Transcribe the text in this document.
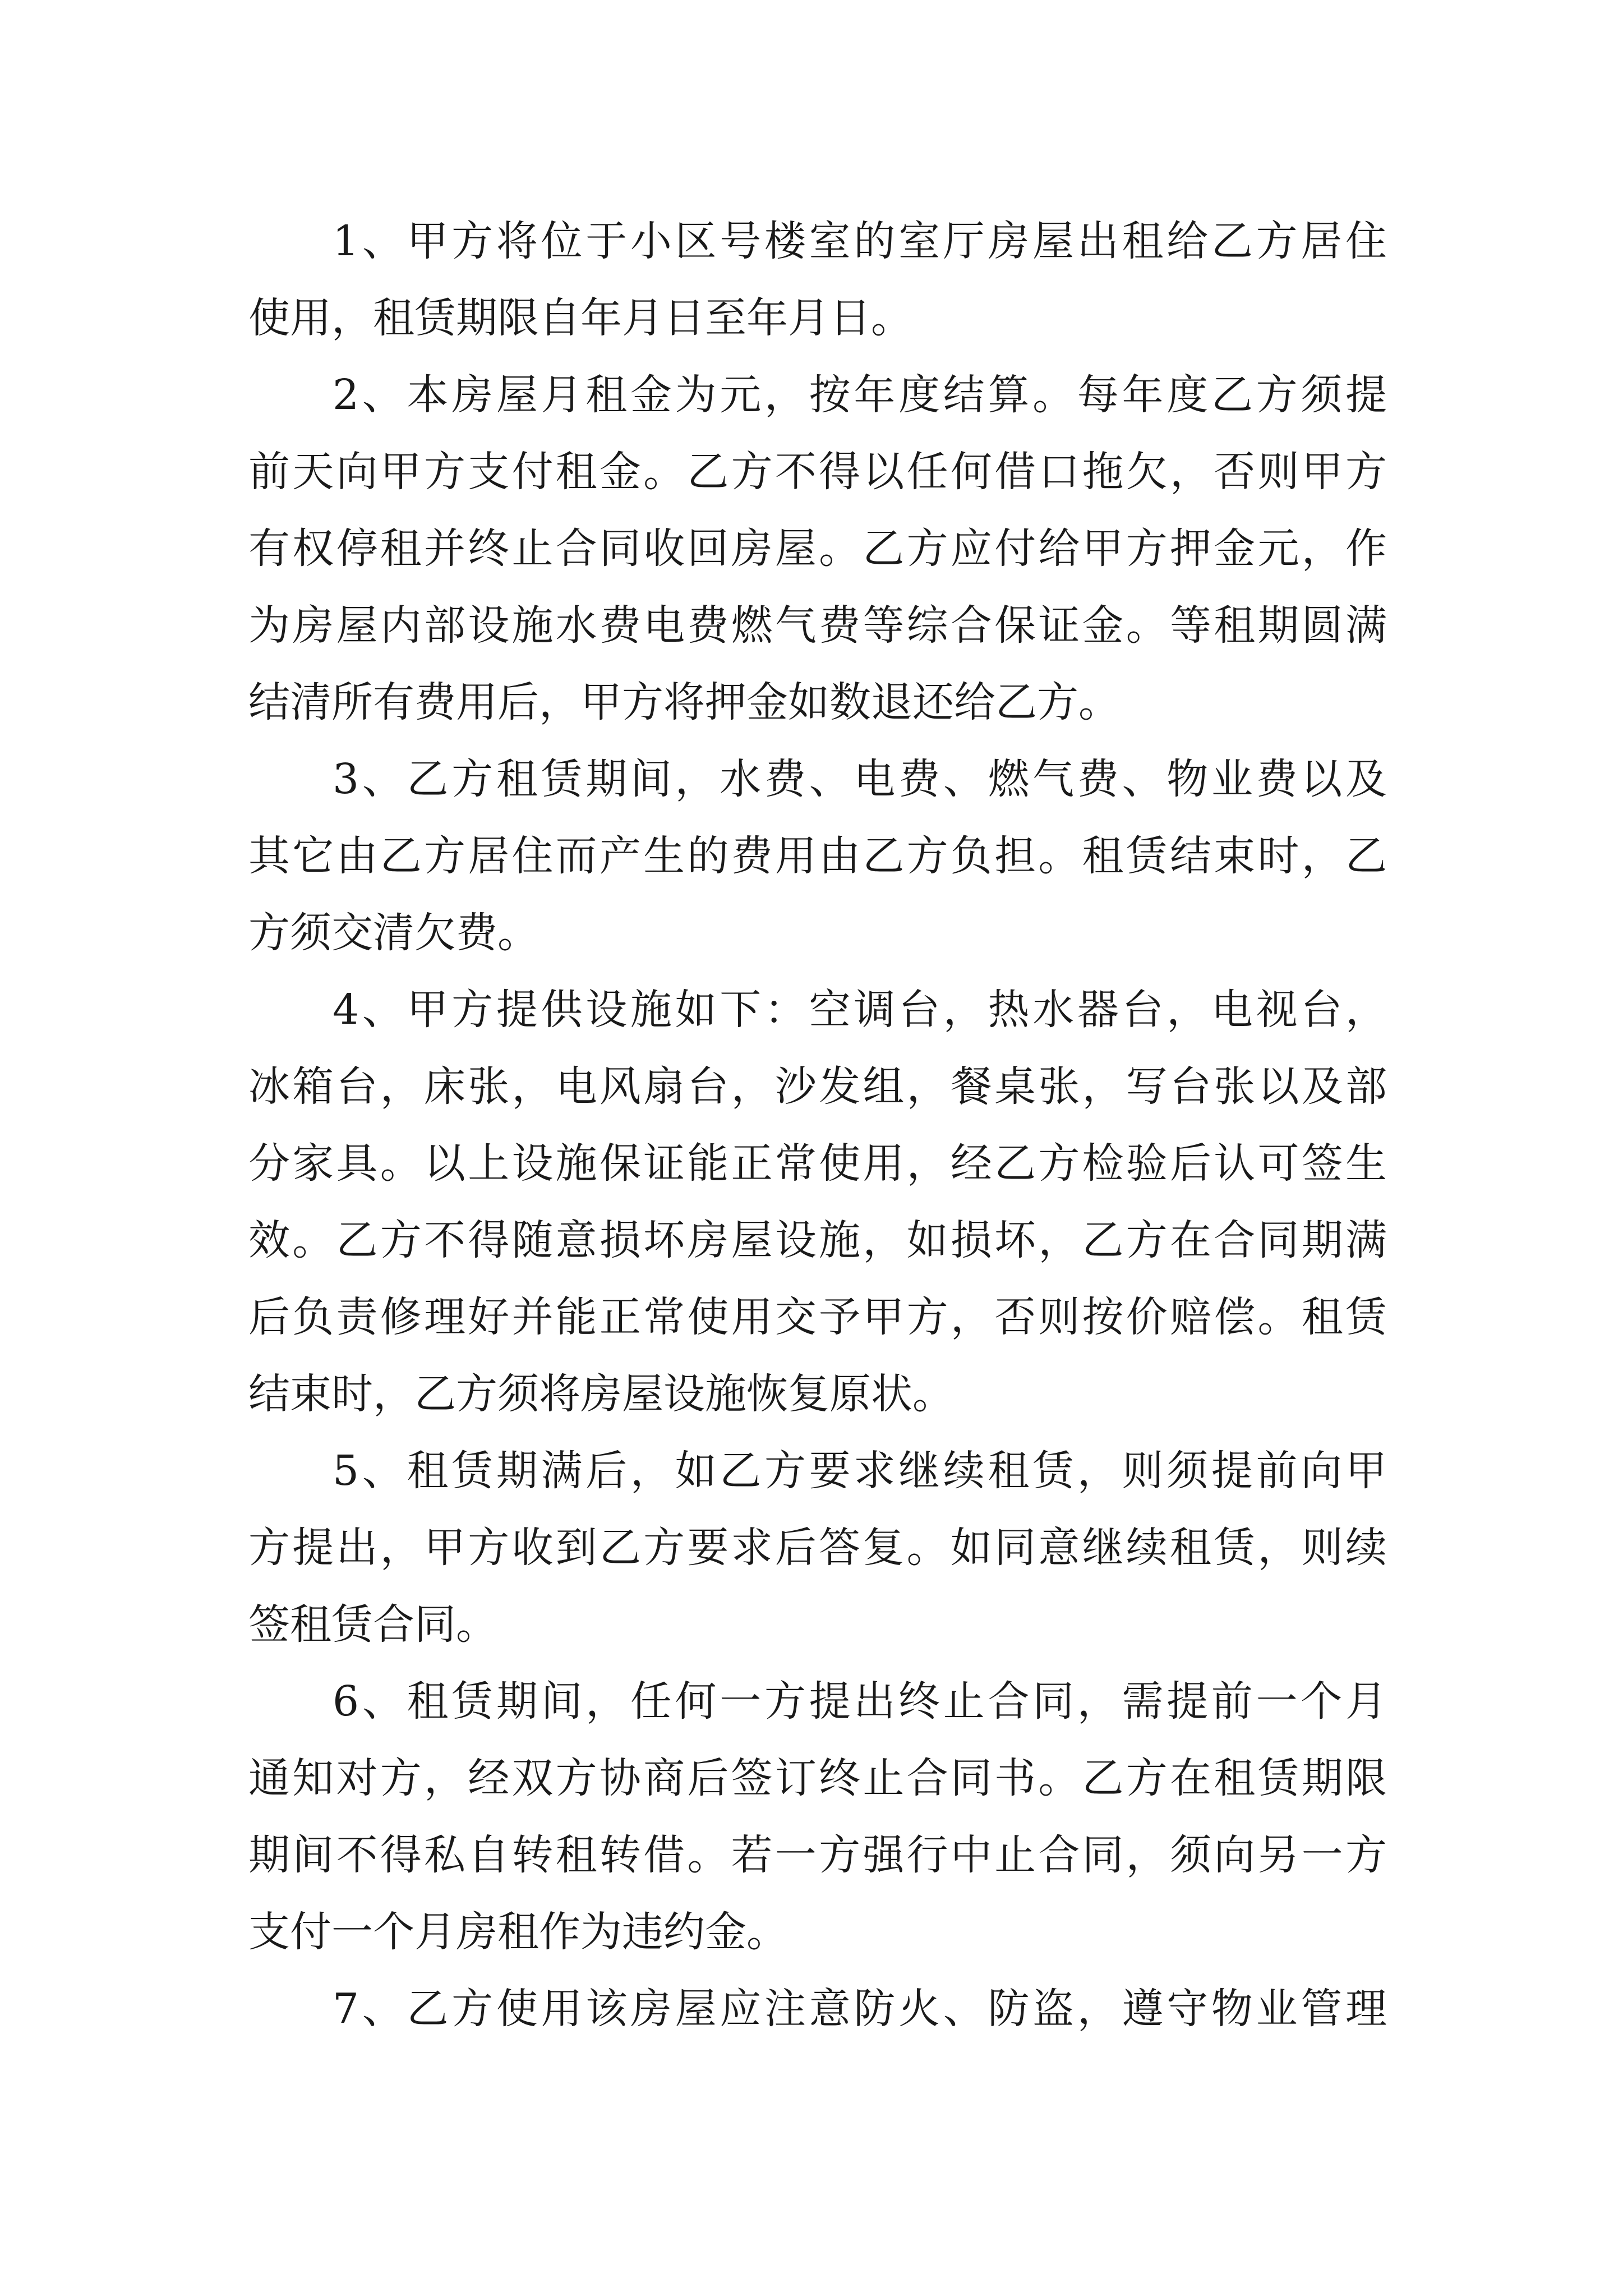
1、甲方将位于小区号楼室的室厅房屋出租给乙方居住
使用，租赁期限自年月日至年月日。
2、本房屋月租金为元，按年度结算。每年度乙方须提
前天向甲方支付租金。乙方不得以任何借口拖欠，否则甲方
有权停租并终止合同收回房屋。乙方应付给甲方押金元，作
为房屋内部设施水费电费燃气费等综合保证金。等租期圆满
结清所有费用后，甲方将押金如数退还给乙方。
3、乙方租赁期间，水费、电费、燃气费、物业费以及
其它由乙方居住而产生的费用由乙方负担。租赁结束时，乙
方须交清欠费。
4、甲方提供设施如下：空调台，热水器台，电视台，
冰箱台，床张，电风扇台，沙发组，餐桌张，写台张以及部
分家具。以上设施保证能正常使用，经乙方检验后认可签生
效。乙方不得随意损坏房屋设施，如损坏，乙方在合同期满
后负责修理好并能正常使用交予甲方，否则按价赔偿。租赁
结束时，乙方须将房屋设施恢复原状。
5、租赁期满后，如乙方要求继续租赁，则须提前向甲
方提出，甲方收到乙方要求后答复。如同意继续租赁，则续
签租赁合同。
6、租赁期间，任何一方提出终止合同，需提前一个月
通知对方，经双方协商后签订终止合同书。乙方在租赁期限
期间不得私自转租转借。若一方强行中止合同，须向另一方
支付一个月房租作为违约金。
7、乙方使用该房屋应注意防火、防盗，遵守物业管理
